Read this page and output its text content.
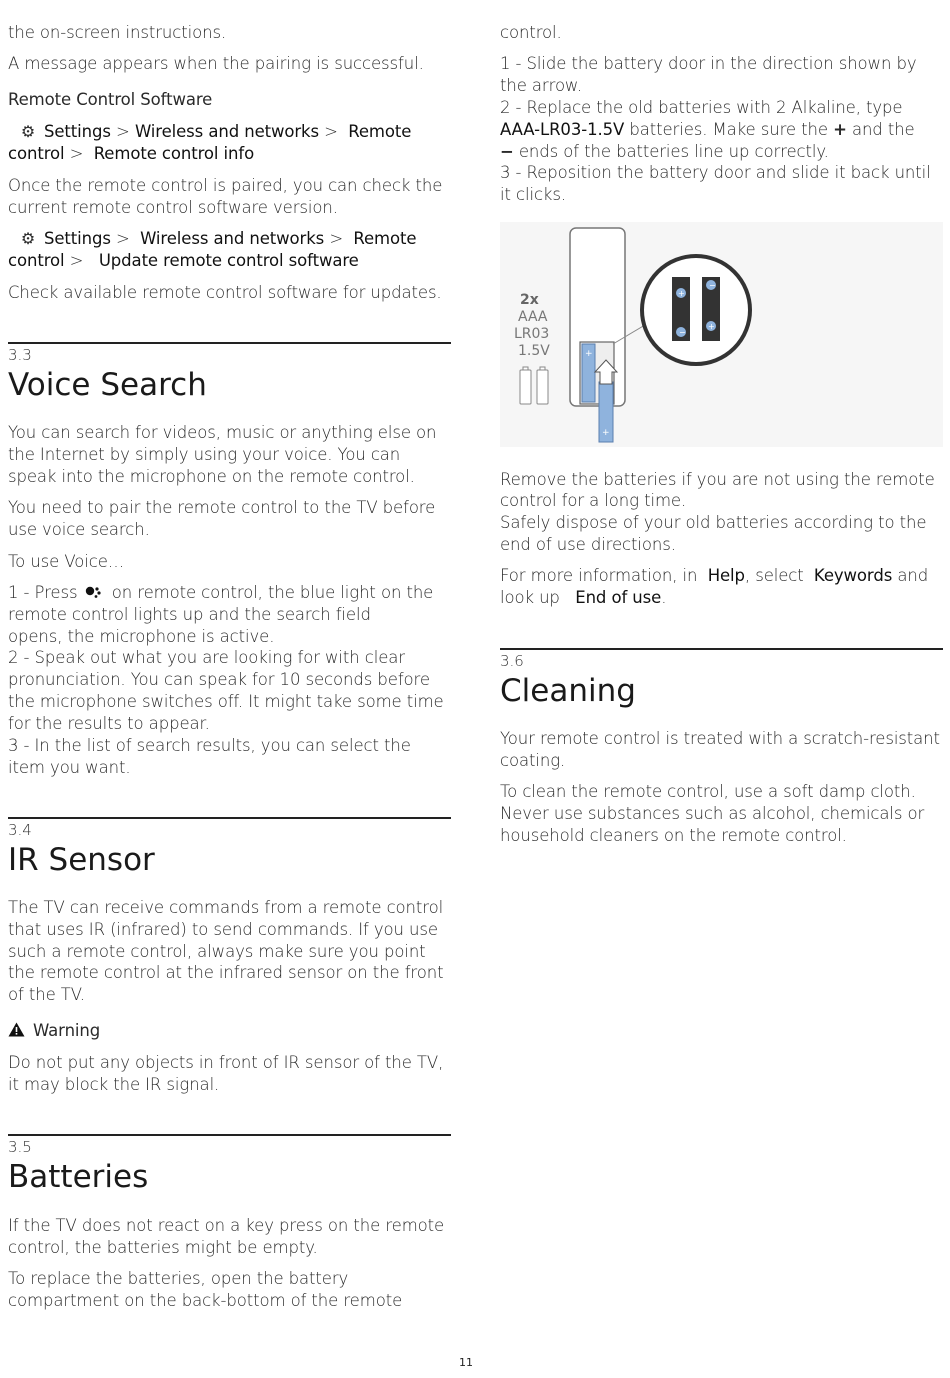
the on-screen instructions.
A message appears when the pairing is successful.
Remote Control Software
⚙ Settings > Wireless and networks > Remote
control > Remote control info
Once the remote control is paired, you can check the
current remote control software version.
⚙ Settings > Wireless and networks > Remote
control > Update remote control software
Check available remote control software for updates.
3.3
Voice Search
You can search for videos, music or anything else on
the Internet by simply using your voice. You can
speak into the microphone on the remote control.
You need to pair the remote control to the TV before
use voice search.
To use Voice…
1 - Press on remote control, the blue light on the
remote control lights up and the search field
opens, the microphone is active.
2 - Speak out what you are looking for with clear
pronunciation. You can speak for 10 seconds before
the microphone switches off. It might take some time
for the results to appear.
3 - In the list of search results, you can select the
item you want.
3.4
IR Sensor
The TV can receive commands from a remote control
that uses IR (infrared) to send commands. If you use
such a remote control, always make sure you point
the remote control at the infrared sensor on the front
of the TV.
Warning
Do not put any objects in front of IR sensor of the TV,
it may block the IR signal.
3.5
Batteries
If the TV does not react on a key press on the remote
control, the batteries might be empty.
To replace the batteries, open the battery
compartment on the back-bottom of the remote
control.
1 - Slide the battery door in the direction shown by
the arrow.
2 - Replace the old batteries with 2 Alkaline, type
AAA-LR03-1.5V batteries. Make sure the + and the
− ends of the batteries line up correctly.
3 - Reposition the battery door and slide it back until
it clicks.
Remove the batteries if you are not using the remote
control for a long time.
Safely dispose of your old batteries according to the
end of use directions.
For more information, in  Help, select  Keywords and
look up   End of use.
3.6
Cleaning
Your remote control is treated with a scratch-resistant
coating.
To clean the remote control, use a soft damp cloth.
Never use substances such as alcohol, chemicals or
household cleaners on the remote control.
2x
AAA
LR03
1.5V	+
+
+
−
−
+
11
